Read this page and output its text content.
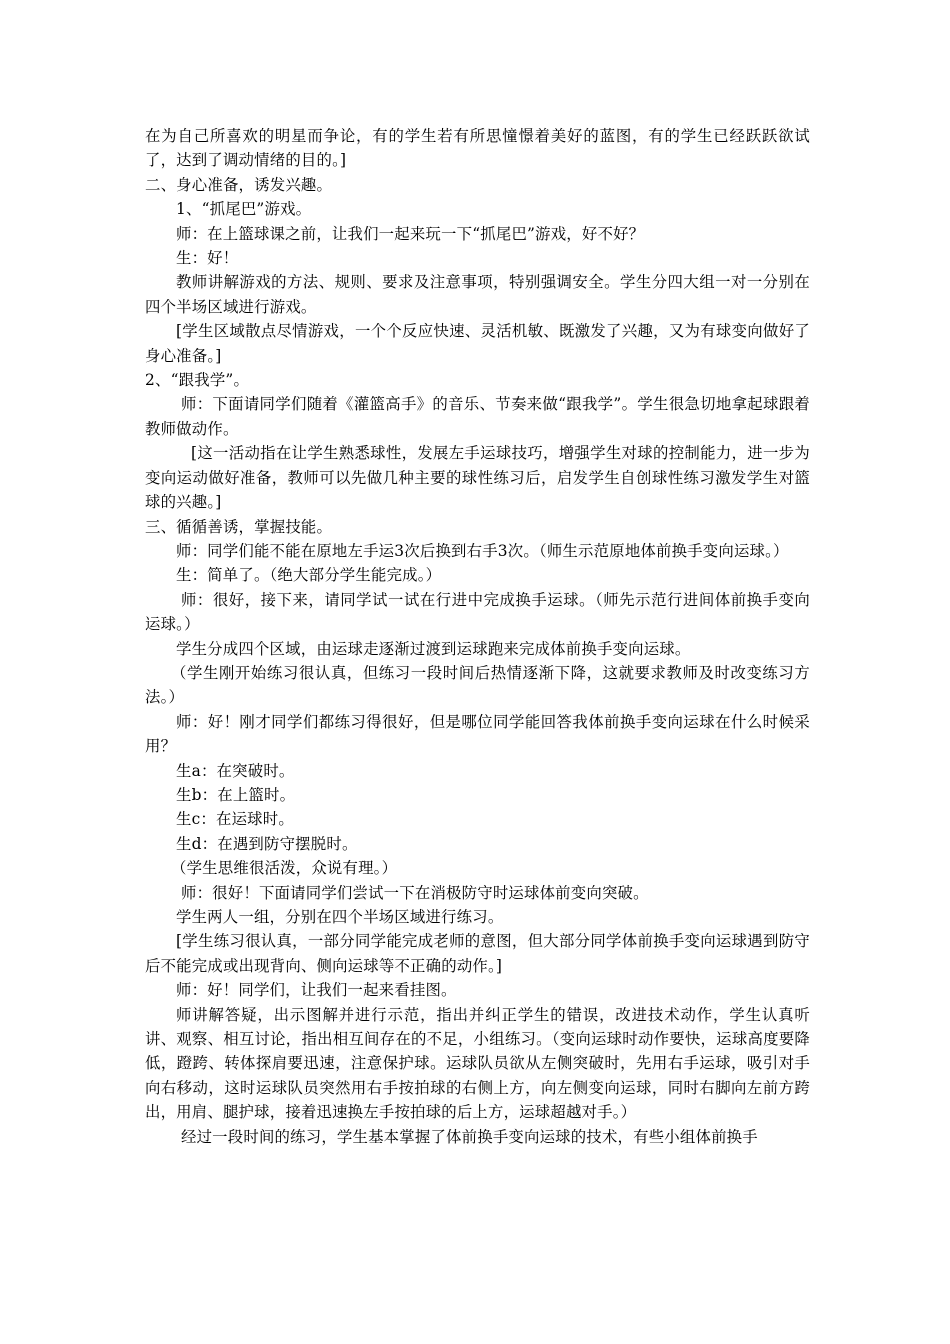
在为自己所喜欢的明星而争论，有的学生若有所思憧憬着美好的蓝图，有的学生已经跃跃欲试了，达到了调动情绪的目的。]

二、身心准备，诱发兴趣。

1、“抓尾巴”游戏。

师：在上篮球课之前，让我们一起来玩一下“抓尾巴”游戏，好不好？

生：好！

教师讲解游戏的方法、规则、要求及注意事项，特别强调安全。学生分四大组一对一分别在四个半场区域进行游戏。

[学生区域散点尽情游戏，一个个反应快速、灵活机敏、既激发了兴趣，又为有球变向做好了身心准备。]

2、“跟我学”。

师：下面请同学们随着《灌篮高手》的音乐、节奏来做“跟我学”。学生很急切地拿起球跟着教师做动作。

[这一活动指在让学生熟悉球性，发展左手运球技巧，增强学生对球的控制能力，进一步为变向运动做好准备，教师可以先做几种主要的球性练习后，启发学生自创球性练习激发学生对篮球的兴趣。]

三、循循善诱，掌握技能。

师：同学们能不能在原地左手运3次后换到右手3次。（师生示范原地体前换手变向运球。）

生：简单了。（绝大部分学生能完成。）

师：很好，接下来，请同学试一试在行进中完成换手运球。（师先示范行进间体前换手变向运球。）

学生分成四个区域，由运球走逐渐过渡到运球跑来完成体前换手变向运球。

（学生刚开始练习很认真，但练习一段时间后热情逐渐下降，这就要求教师及时改变练习方法。）

师：好！刚才同学们都练习得很好，但是哪位同学能回答我体前换手变向运球在什么时候采用？

生a：在突破时。

生b：在上篮时。

生c：在运球时。

生d：在遇到防守摆脱时。

（学生思维很活泼，众说有理。）

师：很好！下面请同学们尝试一下在消极防守时运球体前变向突破。

学生两人一组，分别在四个半场区域进行练习。

[学生练习很认真，一部分同学能完成老师的意图，但大部分同学体前换手变向运球遇到防守后不能完成或出现背向、侧向运球等不正确的动作。]

师：好！同学们，让我们一起来看挂图。

师讲解答疑，出示图解并进行示范，指出并纠正学生的错误，改进技术动作，学生认真听讲、观察、相互讨论，指出相互间存在的不足，小组练习。（变向运球时动作要快，运球高度要降低，蹬跨、转体探肩要迅速，注意保护球。运球队员欲从左侧突破时，先用右手运球，吸引对手向右移动，这时运球队员突然用右手按拍球的右侧上方，向左侧变向运球，同时右脚向左前方跨出，用肩、腿护球，接着迅速换左手按拍球的后上方，运球超越对手。）

经过一段时间的练习，学生基本掌握了体前换手变向运球的技术，有些小组体前换手
